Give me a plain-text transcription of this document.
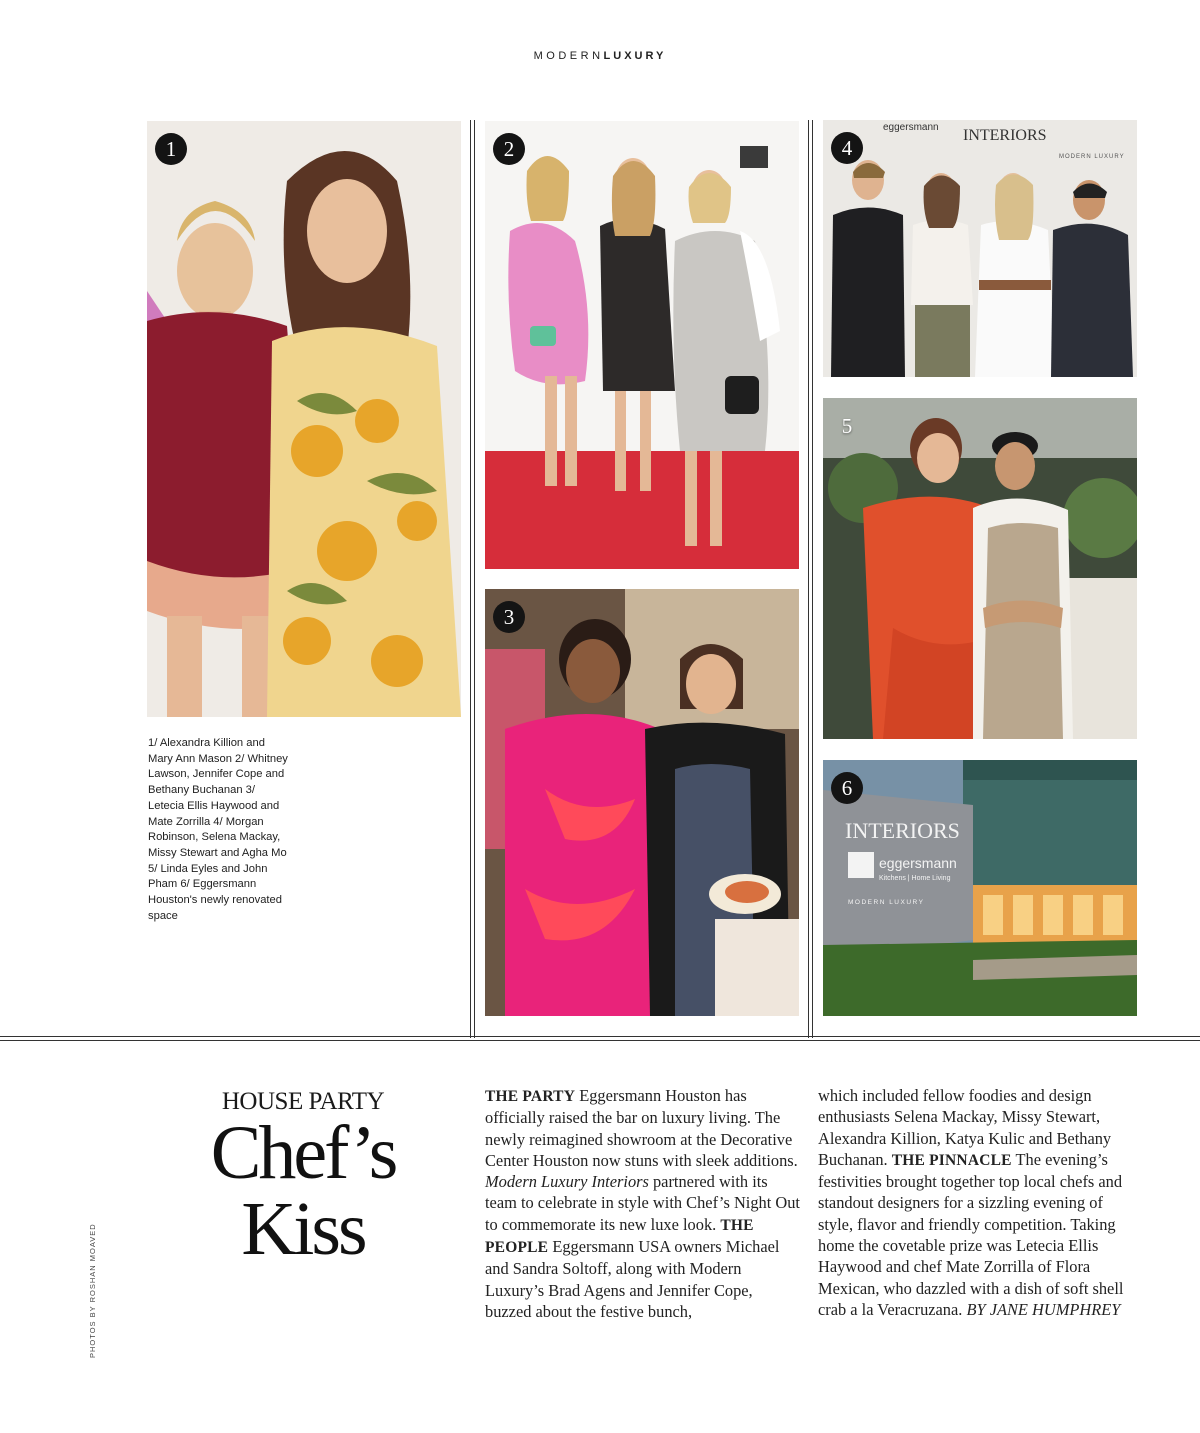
MODERNLUXURY
1	2
3
INTERIORS
eggersmann
MODERN LUXURY
4
5
INTERIORS
eggersmann
Kitchens | Home Living
MODERN LUXURY
6
1/ Alexandra Killion and Mary Ann Mason 2/ Whitney Lawson, Jennifer Cope and Bethany Buchanan 3/ Letecia Ellis Haywood and Mate Zorrilla 4/ Morgan Robinson, Selena Mackay, Missy Stewart and Agha Mo 5/ Linda Eyles and John Pham 6/ Eggersmann Houston's newly renovated space
PHOTOS BY ROSHAN MOAVED
HOUSE PARTY
Chef’s
Kiss
THE PARTY Eggersmann Houston has officially raised the bar on luxury living. The newly reimagined showroom at the Decorative Center Houston now stuns with sleek additions. Modern Luxury Interiors partnered with its team to celebrate in style with Chef’s Night Out to commemorate its new luxe look. THE PEOPLE Eggersmann USA owners Michael and Sandra Soltoff, along with Modern Luxury’s Brad Agens and Jennifer Cope, buzzed about the festive bunch,
which included fellow foodies and design enthusiasts Selena Mackay, Missy Stewart, Alexandra Killion, Katya Kulic and Bethany Buchanan. THE PINNACLE The evening’s festivities brought together top local chefs and standout designers for a sizzling evening of style, flavor and friendly competition. Taking home the covetable prize was Letecia Ellis Haywood and chef Mate Zorrilla of Flora Mexican, who dazzled with a dish of soft shell crab a la Veracruzana. BY JANE HUMPHREY
